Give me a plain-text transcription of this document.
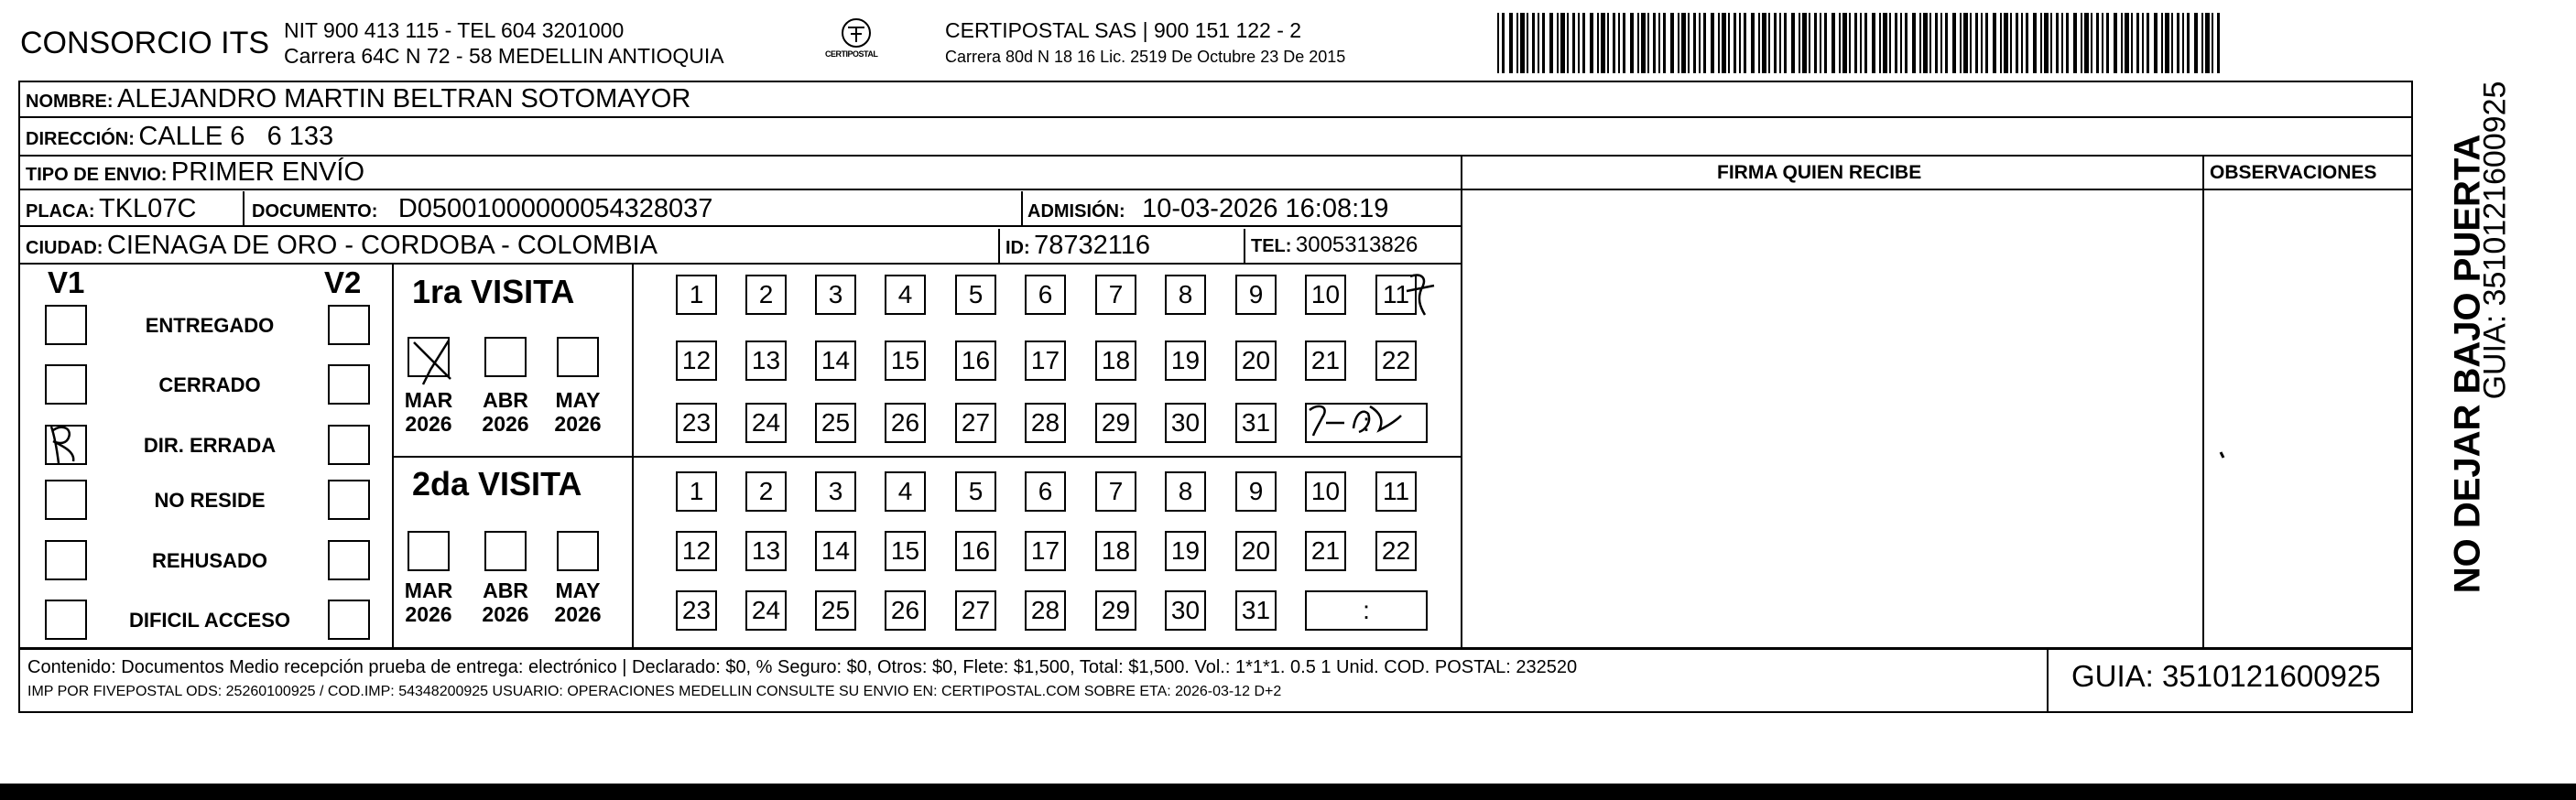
CONSORCIO ITS NIT 900 413 115 - TEL 604 3201000
Carrera 64C N 72 - 58 MEDELLIN ANTIOQUIA	CERTIPOSTAL
CERTIPOSTAL SAS | 900 151 122 - 2
Carrera 80d N 18 16 Lic. 2519 De Octubre 23 De 2015
NOMBRE: ALEJANDRO MARTIN BELTRAN SOTOMAYOR
DIRECCIÓN: CALLE 6   6 133
TIPO DE ENVIO: PRIMER ENVÍO	FIRMA QUIEN RECIBE	OBSERVACIONES
PLACA: TKL07C	DOCUMENTO: D05001000000054328037	ADMISIÓN: 10-03-2026 16:08:19
CIUDAD: CIENAGA DE ORO - CORDOBA - COLOMBIA	ID: 78732116	TEL: 3005313826
V1	V2
ENTREGADO
CERRADO
DIR. ERRADA
NO RESIDE
REHUSADO
DIFICIL ACCESO
1ra VISITA
2da VISITA
MAR
2026
ABR
2026
MAY
2026
MAR
2026
ABR
2026
MAY
2026
1	2	3	4	5	6	7	8	9	10 11
12 13 14 15 16 17 18 19 20 21 22
23 24 25 26 27 28 29 30 31	:
1	2	3	4	5	6	7	8	9	10 11
12 13 14 15 16 17 18 19 20 21 22
23 24 25 26 27 28 29 30 31	:
Contenido: Documentos Medio recepción prueba de entrega: electrónico | Declarado: $0, % Seguro: $0, Otros: $0, Flete: $1,500, Total: $1,500. Vol.: 1*1*1. 0.5 1 Unid. COD. POSTAL: 232520
IMP POR FIVEPOSTAL ODS: 25260100925 / COD.IMP: 54348200925 USUARIO: OPERACIONES MEDELLIN CONSULTE SU ENVIO EN: CERTIPOSTAL.COM SOBRE ETA: 2026-03-12 D+2	GUIA: 3510121600925
NO DEJAR BAJO PUERTA
GUIA: 3510121600925
